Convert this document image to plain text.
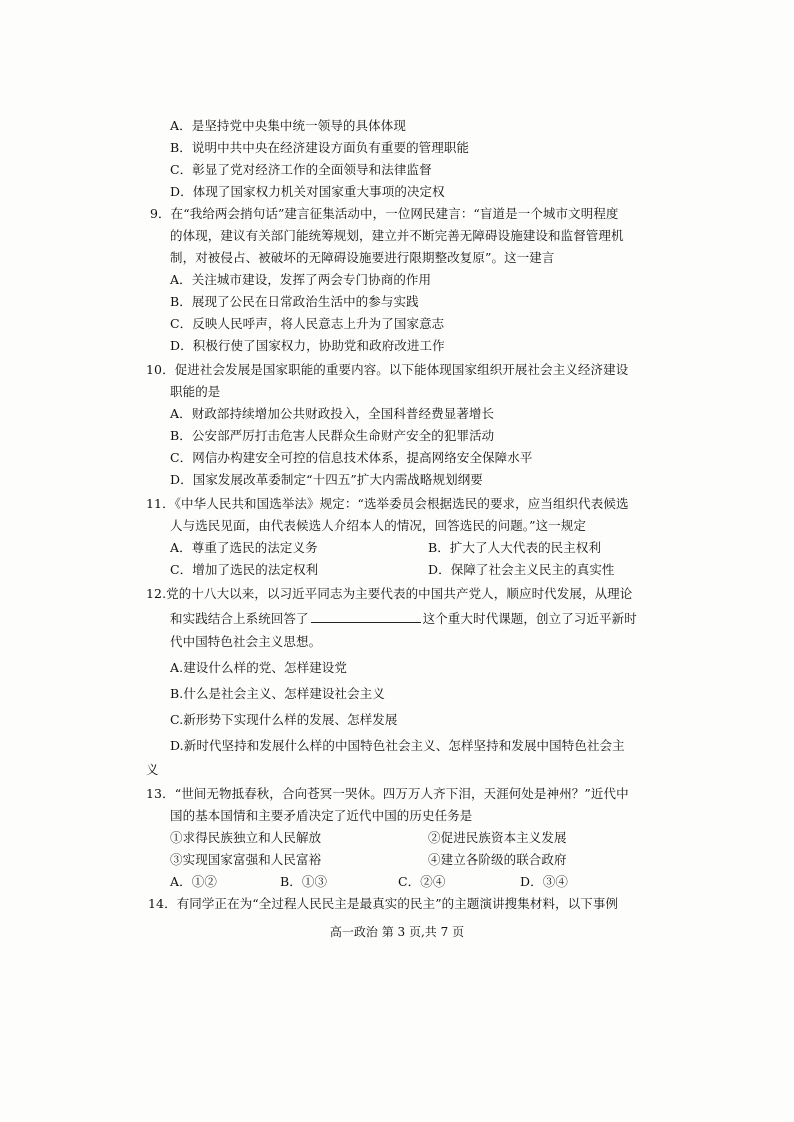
A．是坚持党中央集中统一领导的具体体现
B．说明中共中央在经济建设方面负有重要的管理职能
C．彰显了党对经济工作的全面领导和法律监督
D．体现了国家权力机关对国家重大事项的决定权
9．在“我给两会捎句话”建言征集活动中，一位网民建言：“盲道是一个城市文明程度
的体现，建议有关部门能统筹规划，建立并不断完善无障碍设施建设和监督管理机
制，对被侵占、被破坏的无障碍设施要进行限期整改复原”。这一建言
A．关注城市建设，发挥了两会专门协商的作用
B．展现了公民在日常政治生活中的参与实践
C．反映人民呼声，将人民意志上升为了国家意志
D．积极行使了国家权力，协助党和政府改进工作
10．促进社会发展是国家职能的重要内容。以下能体现国家组织开展社会主义经济建设
职能的是
A．财政部持续增加公共财政投入，全国科普经费显著增长
B．公安部严厉打击危害人民群众生命财产安全的犯罪活动
C．网信办构建安全可控的信息技术体系，提高网络安全保障水平
D．国家发展改革委制定“十四五”扩大内需战略规划纲要
11．《中华人民共和国选举法》规定：“选举委员会根据选民的要求，应当组织代表候选
人与选民见面，由代表候选人介绍本人的情况，回答选民的问题。”这一规定
A．尊重了选民的法定义务	B．扩大了人大代表的民主权利
C．增加了选民的法定权利	D．保障了社会主义民主的真实性
12.党的十八大以来，以习近平同志为主要代表的中国共产党人，顺应时代发展，从理论
和实践结合上系统回答了	这个重大时代课题，创立了习近平新时
代中国特色社会主义思想。
A.建设什么样的党、怎样建设党
B.什么是社会主义、怎样建设社会主义
C.新形势下实现什么样的发展、怎样发展
D.新时代坚持和发展什么样的中国特色社会主义、怎样坚持和发展中国特色社会主
义
13．“世间无物抵春秋，合向苍冥一哭休。四万万人齐下泪，天涯何处是神州？”近代中
国的基本国情和主要矛盾决定了近代中国的历史任务是
①求得民族独立和人民解放	②促进民族资本主义发展
③实现国家富强和人民富裕	④建立各阶级的联合政府
A．①②	B．①③	C．②④	D．③④
14．有同学正在为“全过程人民民主是最真实的民主”的主题演讲搜集材料，以下事例
高一政治 第 3 页,共 7 页
